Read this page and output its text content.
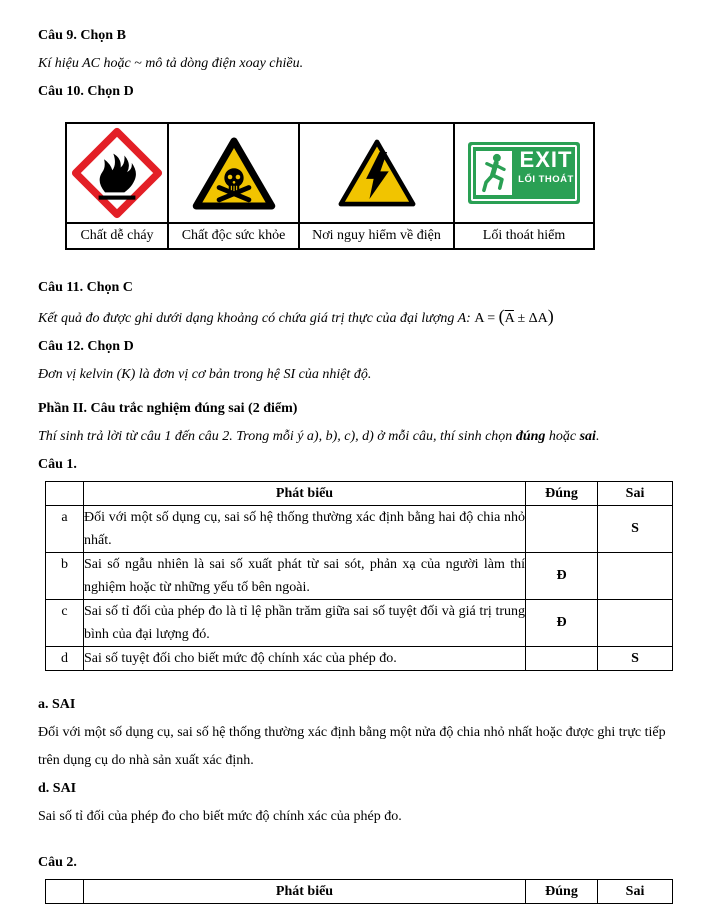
Câu 9. Chọn B

Kí hiệu AC hoặc ~ mô tả dòng điện xoay chiều.

Câu 10. Chọn D

EXIT
LỐI THOÁT

Chất dễ cháy	Chất độc sức khỏe	Nơi nguy hiểm về điện	Lối thoát hiểm

Câu 11. Chọn C

Kết quả đo được ghi dưới dạng khoảng có chứa giá trị thực của đại lượng A: $A = (\overline{A} \pm \Delta A)$

Câu 12. Chọn D

Đơn vị kelvin (K) là đơn vị cơ bản trong hệ SI của nhiệt độ.

Phần II. Câu trắc nghiệm đúng sai (2 điểm)

Thí sinh trả lời từ câu 1 đến câu 2. Trong mỗi ý a), b), c), d) ở mỗi câu, thí sinh chọn đúng hoặc sai.

Câu 1.

	Phát biểu	Đúng	Sai
a	Đối với một số dụng cụ, sai số hệ thống thường xác định bằng hai độ chia nhỏ nhất.		S
b	Sai số ngẫu nhiên là sai số xuất phát từ sai sót, phản xạ của người làm thí nghiệm hoặc từ những yếu tố bên ngoài.	Đ	
c	Sai số tỉ đối của phép đo là tỉ lệ phần trăm giữa sai số tuyệt đối và giá trị trung bình của đại lượng đó.	Đ	
d	Sai số tuyệt đối cho biết mức độ chính xác của phép đo.		S

a. SAI

Đối với một số dụng cụ, sai số hệ thống thường xác định bằng một nửa độ chia nhỏ nhất hoặc được ghi trực tiếp trên dụng cụ do nhà sản xuất xác định.

d. SAI

Sai số tỉ đối của phép đo cho biết mức độ chính xác của phép đo.

Câu 2.

	Phát biểu	Đúng	Sai
